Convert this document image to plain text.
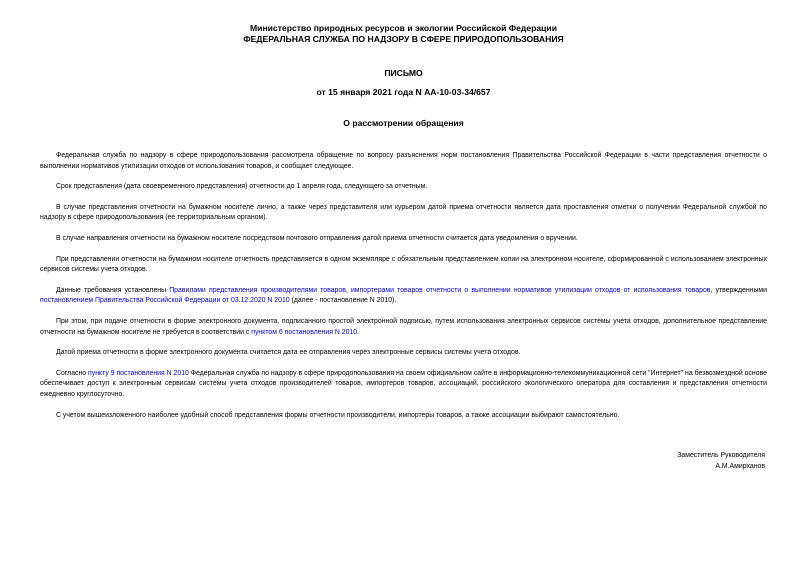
Министерство природных ресурсов и экологии Российской Федерации
ФЕДЕРАЛЬНАЯ СЛУЖБА ПО НАДЗОРУ В СФЕРЕ ПРИРОДОПОЛЬЗОВАНИЯ
ПИСЬМО
от 15 января 2021 года N АА-10-03-34/657
О рассмотрении обращения

Федеральная служба по надзору в сфере природопользования рассмотрела обращение по вопросу разъяснения норм постановления Правительства Российской Федерации в части представления отчетности о выполнении нормативов утилизации отходов от использования товаров, и сообщает следующее.

Срок представления (дата своевременного представления) отчетности до 1 апреля года, следующего за отчетным.

В случае представления отчетности на бумажном носителе лично, а также через представителя или курьером датой приема отчетности является дата проставления отметки о получении Федеральной службой по надзору в сфере природопользования (ее территориальным органом).

В случае направления отчетности на бумажном носителе посредством почтового отправления датой приема отчетности считается дата уведомления о вручении.

При представлении отчетности на бумажном носителе отчетность представляется в одном экземпляре с обязательным представлением копии на электронном носителе, сформированной с использованием электронных сервисов системы учета отходов.

Данные требования установлены Правилами представления производителями товаров, импортерами товаров отчетности о выполнении нормативов утилизации отходов от использования товаров, утвержденными постановлением Правительства Российской Федерации от 03.12.2020 N 2010 (далее - постановление N 2010).

При этом, при подаче отчетности в форме электронного документа, подписанного простой электронной подписью, путем использования электронных сервисов системы учета отходов, дополнительное представление отчетности на бумажном носителе не требуется в соответствии с пунктом 6 постановления N 2010.

Датой приема отчетности в форме электронного документа считается дата ее отправления через электронные сервисы системы учета отходов.

Согласно пункту 9 постановления N 2010 Федеральная служба по надзору в сфере природопользования на своем официальном сайте в информационно-телекоммуникационной сети "Интернет" на безвозмездной основе обеспечивает доступ к электронным сервисам системы учета отходов производителей товаров, импортеров товаров, ассоциаций, российского экологического оператора для составления и представления отчетности ежедневно круглосуточно.

С учетом вышеизложенного наиболее удобный способ представления формы отчетности производители, импортеры товаров, а также ассоциации выбирают самостоятельно.

Заместитель Руководителя
А.М.Амирханов
